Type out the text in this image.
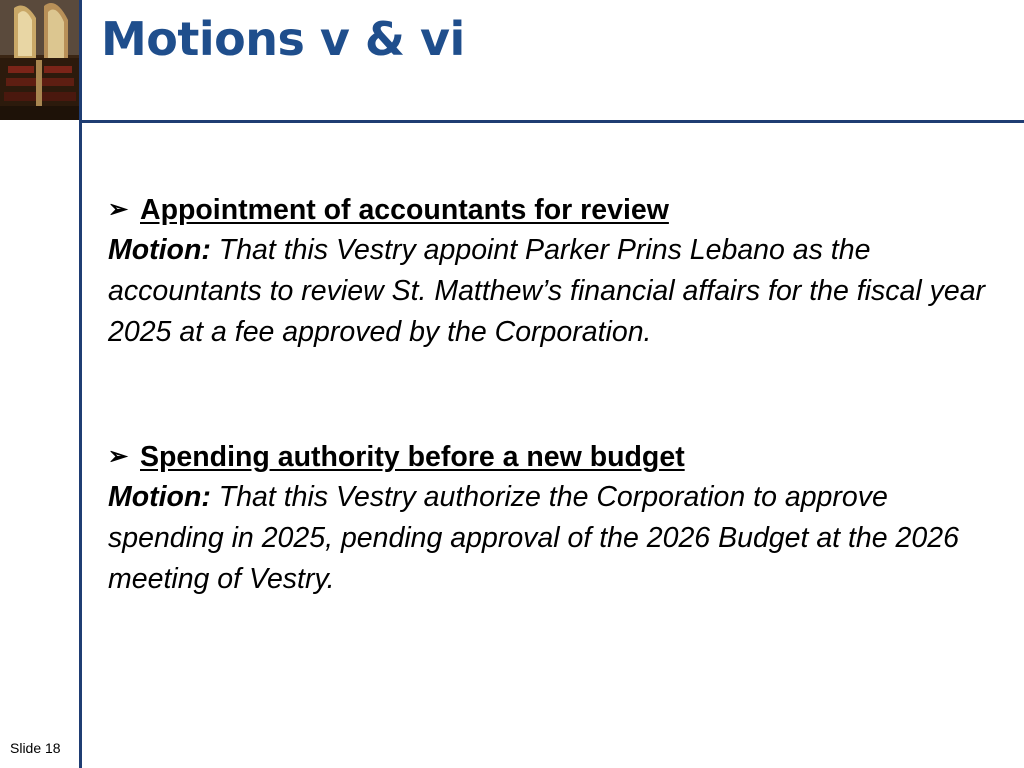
Motions v & vi
➢ Appointment of accountants for review

Motion: That this Vestry appoint Parker Prins Lebano as the accountants to review St. Matthew’s financial affairs for the fiscal year 2025 at a fee approved by the Corporation.

➢ Spending authority before a new budget

Motion: That this Vestry authorize the Corporation to approve spending in 2025, pending approval of the 2026 Budget at the 2026 meeting of Vestry.

Slide 18
